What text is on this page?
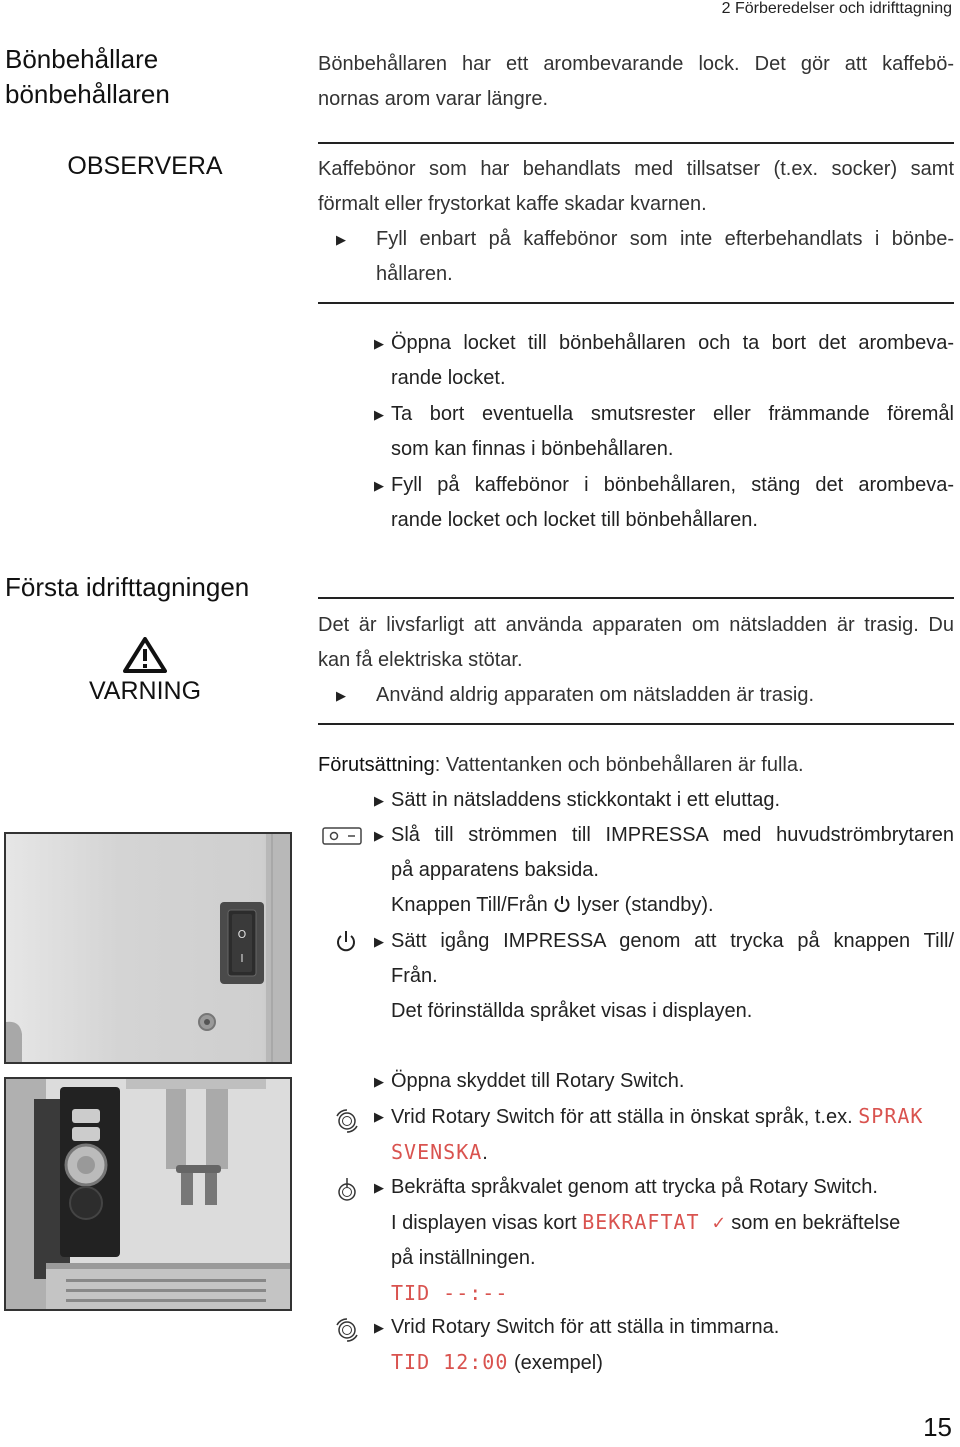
2 Förberedelser och idrifttagning
Bönbehållare
bönbehållaren
Bönbehållaren har ett arombevarande lock. Det gör att kaffebö-
nornas arom varar längre.
OBSERVERA	Kaffebönor som har behandlats med tillsatser (t.ex. socker) samt
förmalt eller frystorkat kaffe skadar kvarnen.
▶ Fyll enbart på kaffebönor som inte efterbehandlats i bönbe-
hållaren.
▶ Öppna locket till bönbehållaren och ta bort det arombeva-
rande locket.
▶ Ta bort eventuella smutsrester eller främmande föremål
som kan finnas i bönbehållaren.
▶ Fyll på kaffebönor i bönbehållaren, stäng det arombeva-
rande locket och locket till bönbehållaren.
Första idrifttagningen
VARNING
Det är livsfarligt att använda apparaten om nätsladden är trasig. Du
kan få elektriska stötar.
▶ Använd aldrig apparaten om nätsladden är trasig.
Förutsättning: Vattentanken och bönbehållaren är fulla.
▶ Sätt in nätsladdens stickkontakt i ett eluttag.
▶ Slå till strömmen till IMPRESSA med huvudströmbrytaren
på apparatens baksida.
Knappen Till/Från lyser (standby).
▶ Sätt igång IMPRESSA genom att trycka på knappen Till/
Från.
Det förinställda språket visas i displayen.
▶ Öppna skyddet till Rotary Switch.
▶ Vrid Rotary Switch för att ställa in önskat språk, t.ex. SPRAK
SVENSKA.
▶ Bekräfta språkvalet genom att trycka på Rotary Switch.
I displayen visas kort BEKRAFTAT ✓ som en bekräftelse
på inställningen.
TID --:--
▶ Vrid Rotary Switch för att ställa in timmarna.
TID 12:00 (exempel)
O
I
15
